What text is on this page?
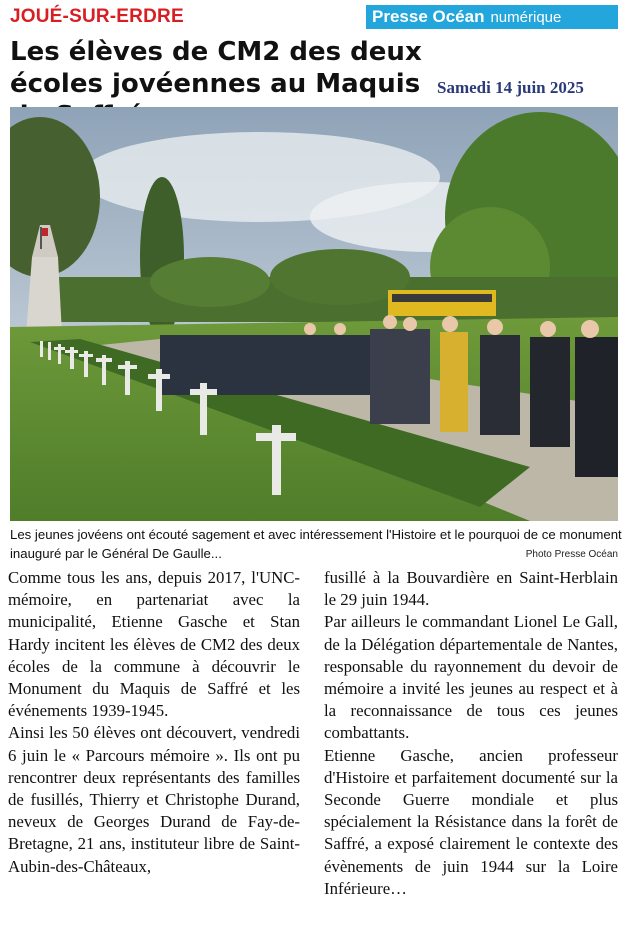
JOUÉ-SUR-ERDRE	Presse Océan numérique
Les élèves de CM2 des deux écoles jovéennes au Maquis Samedi 14 juin 2025
Les jeunes jovéens ont écouté sagement et avec intéressement l'Histoire et le pourquoi de ce monument inauguré par le Général De Gaulle...	Photo Presse Océan

Comme tous les ans, depuis 2017, l'UNC-mémoire, en partenariat avec la municipalité, Etienne Gasche et Stan Hardy incitent les élèves de CM2 des deux écoles de la commune à découvrir le Monument du Maquis de Saffré et les événements 1939-1945.

Ainsi les 50 élèves ont découvert, vendredi 6 juin le « Parcours mémoire ». Ils ont pu rencontrer deux représentants des familles de fusillés, Thierry et Christophe Durand, neveux de Georges Durand de Fay-de-Bretagne, 21 ans, instituteur libre de Saint-Aubin-des-Châteaux,

fusillé à la Bouvardière en Saint-Herblain le 29 juin 1944.

Par ailleurs le commandant Lionel Le Gall, de la Délégation départementale de Nantes, responsable du rayonnement du devoir de mémoire a invité les jeunes au respect et à la reconnaissance de tous ces jeunes combattants.

Etienne Gasche, ancien professeur d'Histoire et parfaitement documenté sur la Seconde Guerre mondiale et plus spécialement la Résistance dans la forêt de Saffré, a exposé clairement le contexte des évènements de juin 1944 sur la Loire Inférieure…
